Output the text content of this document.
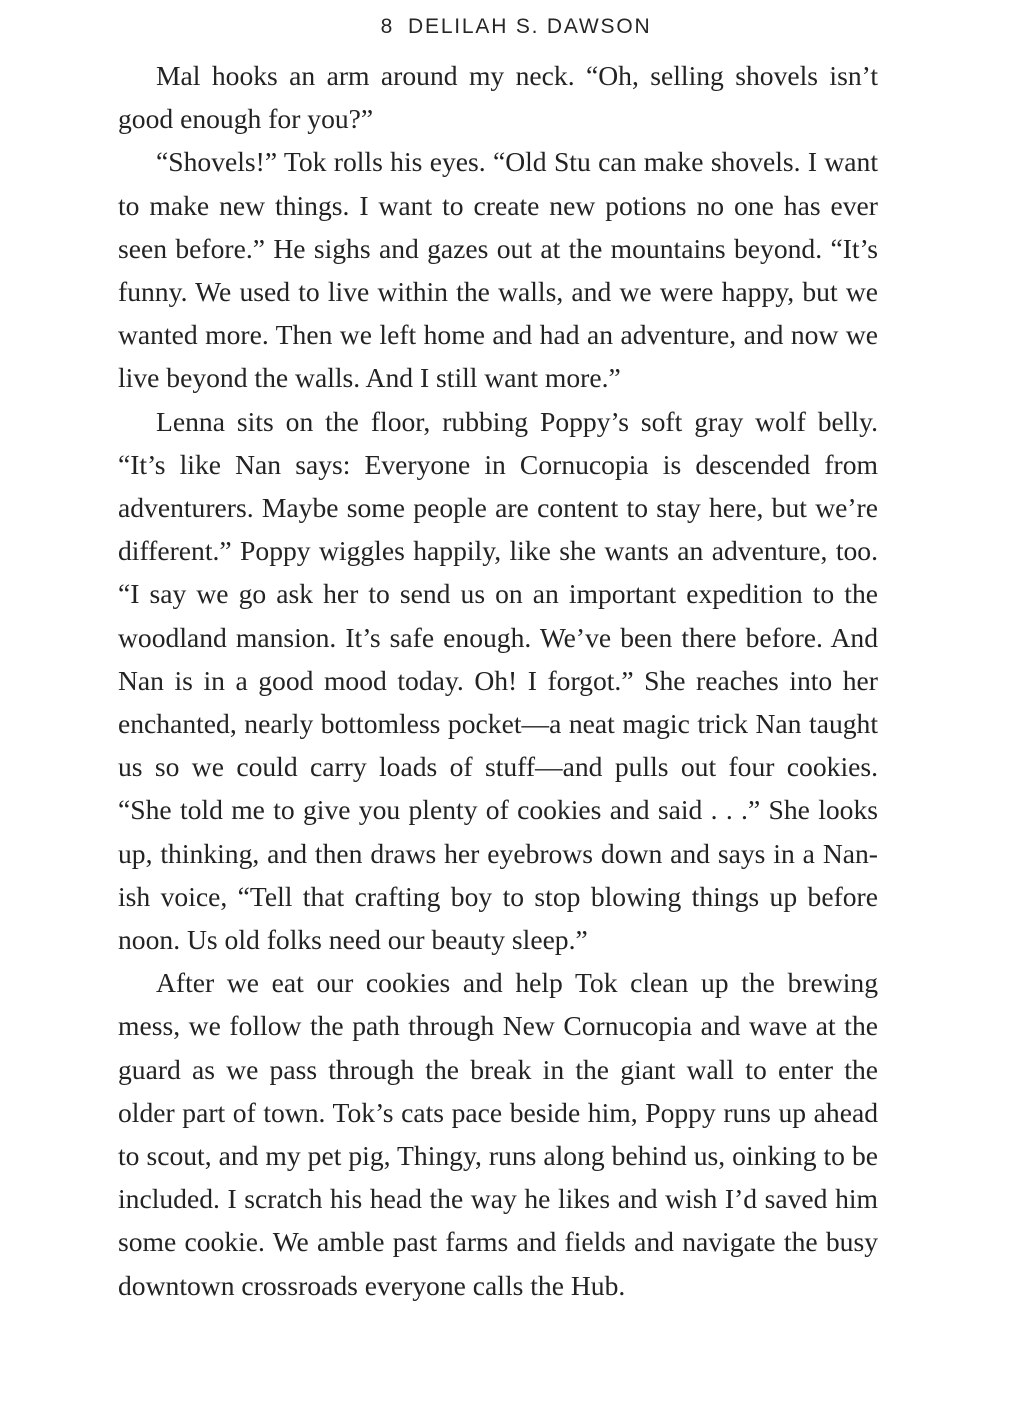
8 DELILAH S. DAWSON

Mal hooks an arm around my neck. “Oh, selling shovels isn’t good enough for you?”

“Shovels!” Tok rolls his eyes. “Old Stu can make shovels. I want to make new things. I want to create new potions no one has ever seen before.” He sighs and gazes out at the mountains beyond. “It’s funny. We used to live within the walls, and we were happy, but we wanted more. Then we left home and had an adventure, and now we live beyond the walls. And I still want more.”

Lenna sits on the floor, rubbing Poppy’s soft gray wolf belly. “It’s like Nan says: Everyone in Cornucopia is descended from adventurers. Maybe some people are content to stay here, but we’re different.” Poppy wiggles happily, like she wants an adventure, too. “I say we go ask her to send us on an important expedition to the woodland mansion. It’s safe enough. We’ve been there before. And Nan is in a good mood today. Oh! I forgot.” She reaches into her enchanted, nearly bottomless pocket—a neat magic trick Nan taught us so we could carry loads of stuff—and pulls out four cookies. “She told me to give you plenty of cookies and said . . .” She looks up, thinking, and then draws her eyebrows down and says in a Nan-ish voice, “Tell that crafting boy to stop blowing things up before noon. Us old folks need our beauty sleep.”

After we eat our cookies and help Tok clean up the brewing mess, we follow the path through New Cornucopia and wave at the guard as we pass through the break in the giant wall to enter the older part of town. Tok’s cats pace beside him, Poppy runs up ahead to scout, and my pet pig, Thingy, runs along behind us, oinking to be included. I scratch his head the way he likes and wish I’d saved him some cookie. We amble past farms and fields and navigate the busy downtown crossroads everyone calls the Hub.
